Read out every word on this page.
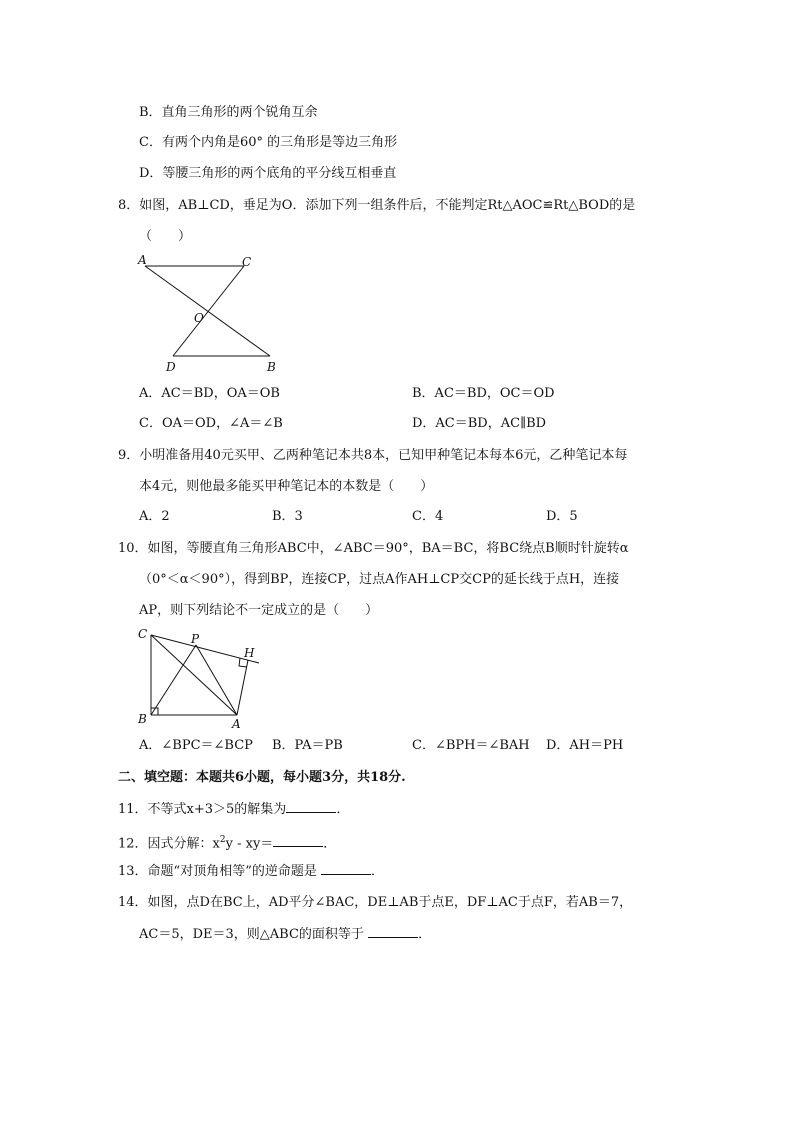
B．直角三角形的两个锐角互余
C．有两个内角是60° 的三角形是等边三角形
D．等腰三角形的两个底角的平分线互相垂直
8．如图，AB⊥CD，垂足为O．添加下列一组条件后，不能判定Rt△AOC≌Rt△BOD的是
（　　）
A	C
O
D	B
A．AC＝BD，OA＝OB	B．AC＝BD，OC＝OD
C．OA＝OD，∠A＝∠B	D．AC＝BD，AC∥BD
9．小明准备用40元买甲、乙两种笔记本共8本，已知甲种笔记本每本6元，乙种笔记本每
本4元，则他最多能买甲种笔记本的本数是（　　）
A．2	B．3	C．4	D．5
10．如图，等腰直角三角形ABC中，∠ABC＝90°，BA＝BC，将BC绕点B顺时针旋转α
（0°＜α＜90°），得到BP，连接CP，过点A作AH⊥CP交CP的延长线于点H，连接
AP，则下列结论不一定成立的是（　　）
C	P
H
B	A
A．∠BPC＝∠BCP B．PA＝PB	C．∠BPH＝∠BAH D．AH＝PH
二、填空题：本题共6小题，每小题3分，共18分.
11．不等式x+3＞5的解集为	．
12．因式分解：$x^2y - xy=$	．
13．命题“对顶角相等”的逆命题是	．
14．如图，点D在BC上，AD平分∠BAC，DE⊥AB于点E，DF⊥AC于点F，若AB＝7，
AC＝5，DE＝3，则△ABC的面积等于	．
